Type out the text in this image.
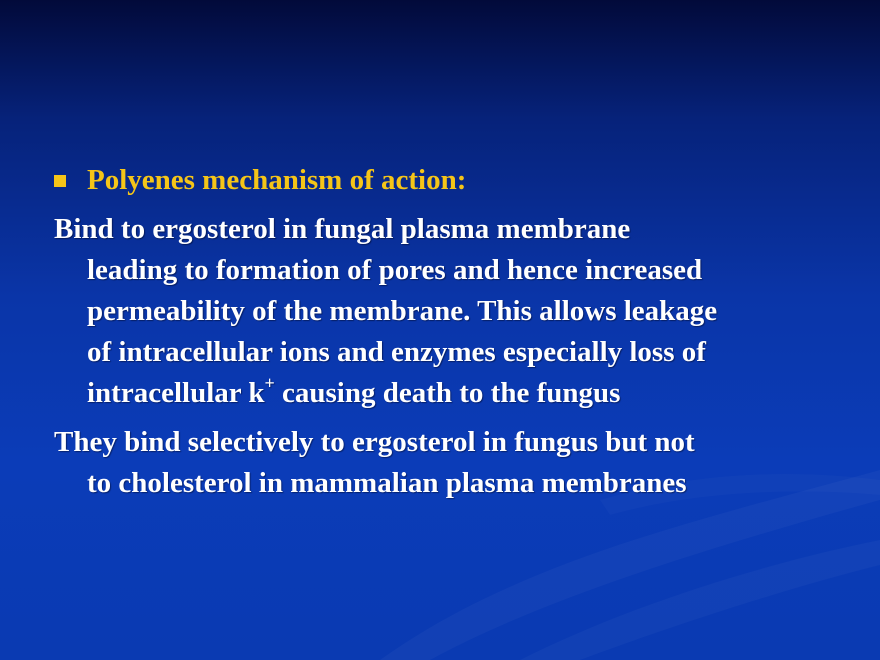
Polyenes mechanism of action:
Bind to ergosterol in fungal plasma membrane
leading to formation of pores and hence increased
permeability of the membrane. This allows leakage
of intracellular ions and enzymes especially loss of
intracellular k+ causing death to the fungus
They bind selectively to ergosterol in fungus but not
to cholesterol in mammalian plasma membranes
